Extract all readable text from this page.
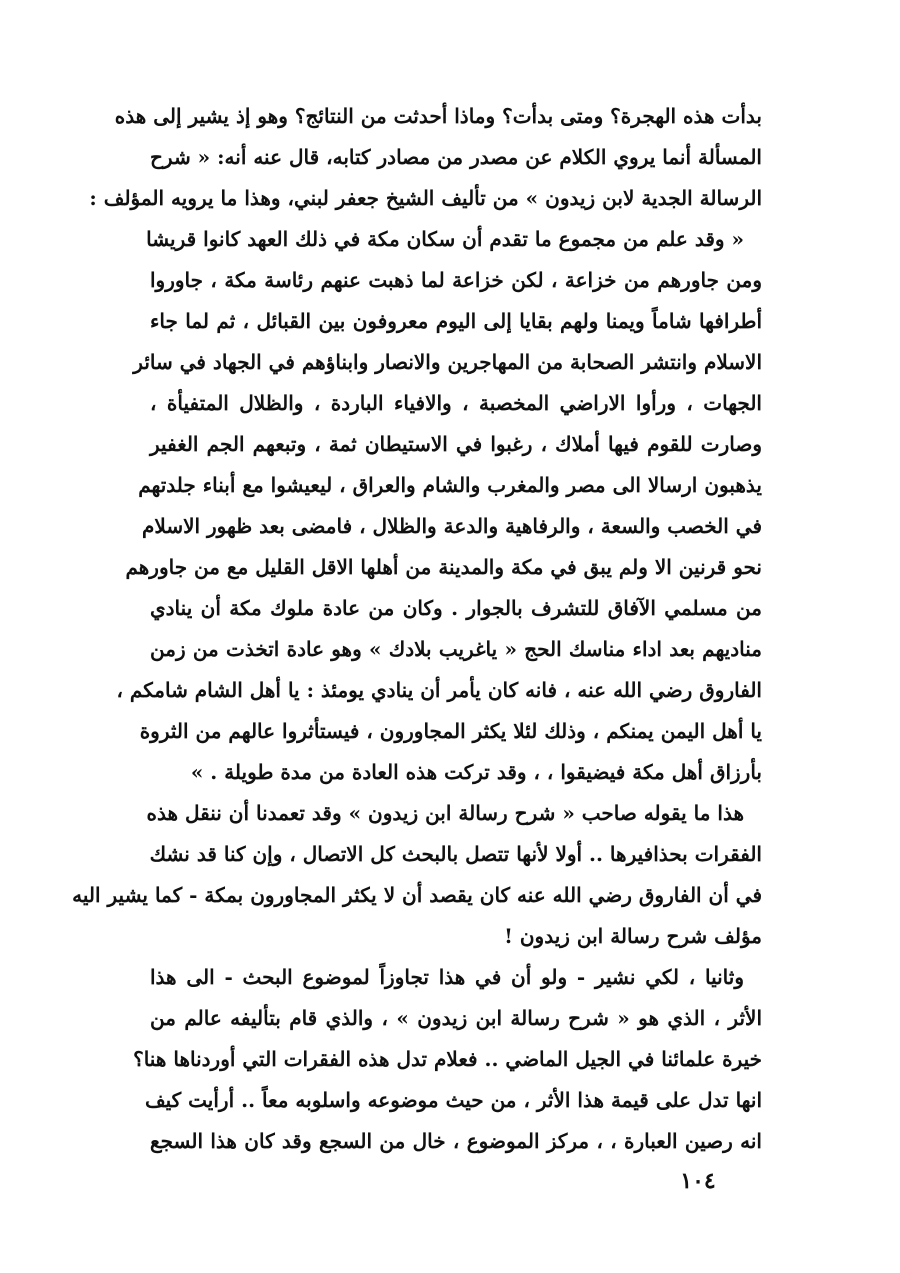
بدأت هذه الهجرة؟ ومتى بدأت؟ وماذا أحدثت من النتائج؟ وهو إذ يشير إلى هذه
المسألة أنما يروي الكلام عن مصدر من مصادر كتابه، قال عنه أنه: « شرح
الرسالة الجدية لابن زيدون » من تأليف الشيخ جعفر لبني، وهذا ما يرويه المؤلف :
« وقد علم من مجموع ما تقدم أن سكان مكة في ذلك العهد كانوا قريشا
ومن جاورهم من خزاعة ، لكن خزاعة لما ذهبت عنهم رئاسة مكة ، جاوروا
أطرافها شاماً ويمنا ولهم بقايا إلى اليوم معروفون بين القبائل ، ثم لما جاء
الاسلام وانتشر الصحابة من المهاجرين والانصار وابناؤهم في الجهاد في سائر
الجهات ، ورأوا الاراضي المخصبة ، والافياء الباردة ، والظلال المتفيأة ،
وصارت للقوم فيها أملاك ، رغبوا في الاستيطان ثمة ، وتبعهم الجم الغفير
يذهبون ارسالا الى مصر والمغرب والشام والعراق ، ليعيشوا مع أبناء جلدتهم
في الخصب والسعة ، والرفاهية والدعة والظلال ، فامضى بعد ظهور الاسلام
نحو قرنين الا ولم يبق في مكة والمدينة من أهلها الاقل القليل مع من جاورهم
من مسلمي الآفاق للتشرف بالجوار . وكان من عادة ملوك مكة أن ينادي
مناديهم بعد اداء مناسك الحج « ياغريب بلادك » وهو عادة اتخذت من زمن
الفاروق رضي الله عنه ، فانه كان يأمر أن ينادي يومئذ : يا أهل الشام شامكم ،
يا أهل اليمن يمنكم ، وذلك لئلا يكثر المجاورون ، فيستأثروا عالهم من الثروة
بأرزاق أهل مكة فيضيقوا ، ، وقد تركت هذه العادة من مدة طويلة . »
هذا ما يقوله صاحب « شرح رسالة ابن زيدون » وقد تعمدنا أن ننقل هذه
الفقرات بحذافيرها .. أولا لأنها تتصل بالبحث كل الاتصال ، وإن كنا قد نشك
في أن الفاروق رضي الله عنه كان يقصد أن لا يكثر المجاورون بمكة - كما يشير اليه
مؤلف شرح رسالة ابن زيدون !
وثانيا ، لكي نشير - ولو أن في هذا تجاوزاً لموضوع البحث - الى هذا
الأثر ، الذي هو « شرح رسالة ابن زيدون » ، والذي قام بتأليفه عالم من
خيرة علمائنا في الجيل الماضي .. فعلام تدل هذه الفقرات التي أوردناها هنا؟
انها تدل على قيمة هذا الأثر ، من حيث موضوعه واسلوبه معاً .. أرأيت كيف
انه رصين العبارة ، ، مركز الموضوع ، خال من السجع وقد كان هذا السجع
١٠٤
